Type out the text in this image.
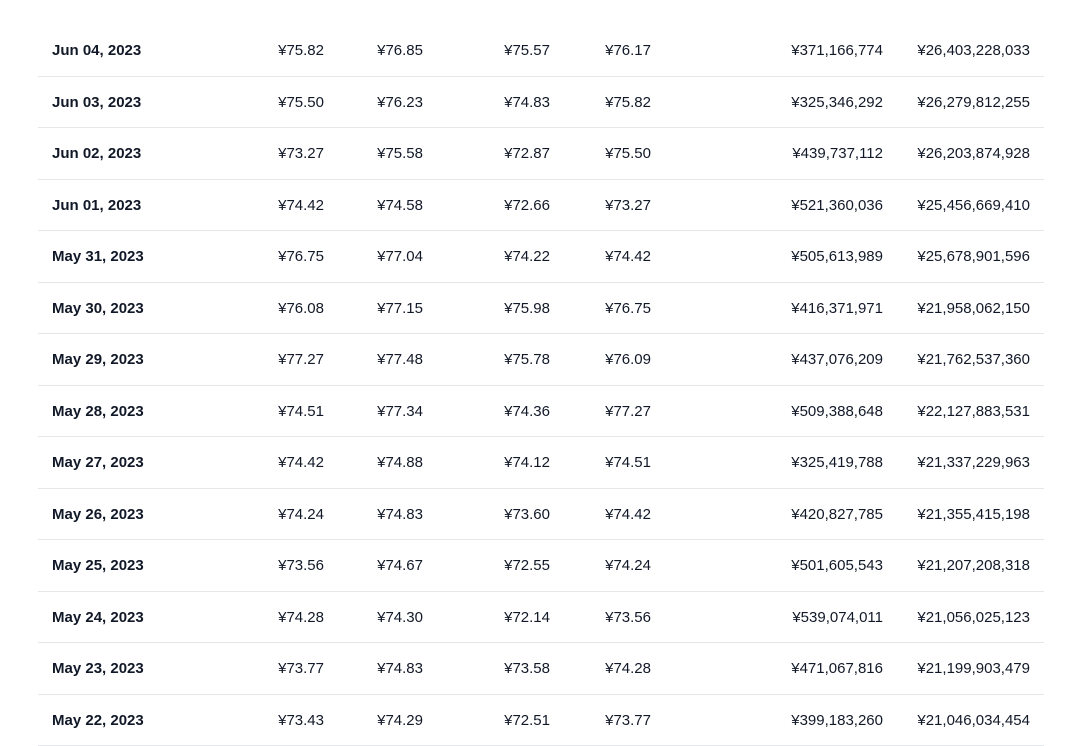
Jun 04, 2023	¥75.82	¥76.85	¥75.57	¥76.17	¥371,166,774 ¥26,403,228,033
Jun 03, 2023	¥75.50	¥76.23	¥74.83	¥75.82	¥325,346,292 ¥26,279,812,255
Jun 02, 2023	¥73.27	¥75.58	¥72.87	¥75.50	¥439,737,112 ¥26,203,874,928
Jun 01, 2023	¥74.42	¥74.58	¥72.66	¥73.27	¥521,360,036 ¥25,456,669,410
May 31, 2023	¥76.75	¥77.04	¥74.22	¥74.42	¥505,613,989 ¥25,678,901,596
May 30, 2023	¥76.08	¥77.15	¥75.98	¥76.75	¥416,371,971 ¥21,958,062,150
May 29, 2023	¥77.27	¥77.48	¥75.78	¥76.09	¥437,076,209 ¥21,762,537,360
May 28, 2023	¥74.51	¥77.34	¥74.36	¥77.27	¥509,388,648 ¥22,127,883,531
May 27, 2023	¥74.42	¥74.88	¥74.12	¥74.51	¥325,419,788 ¥21,337,229,963
May 26, 2023	¥74.24	¥74.83	¥73.60	¥74.42	¥420,827,785 ¥21,355,415,198
May 25, 2023	¥73.56	¥74.67	¥72.55	¥74.24	¥501,605,543 ¥21,207,208,318
May 24, 2023	¥74.28	¥74.30	¥72.14	¥73.56	¥539,074,011 ¥21,056,025,123
May 23, 2023	¥73.77	¥74.83	¥73.58	¥74.28	¥471,067,816 ¥21,199,903,479
May 22, 2023	¥73.43	¥74.29	¥72.51	¥73.77	¥399,183,260 ¥21,046,034,454
